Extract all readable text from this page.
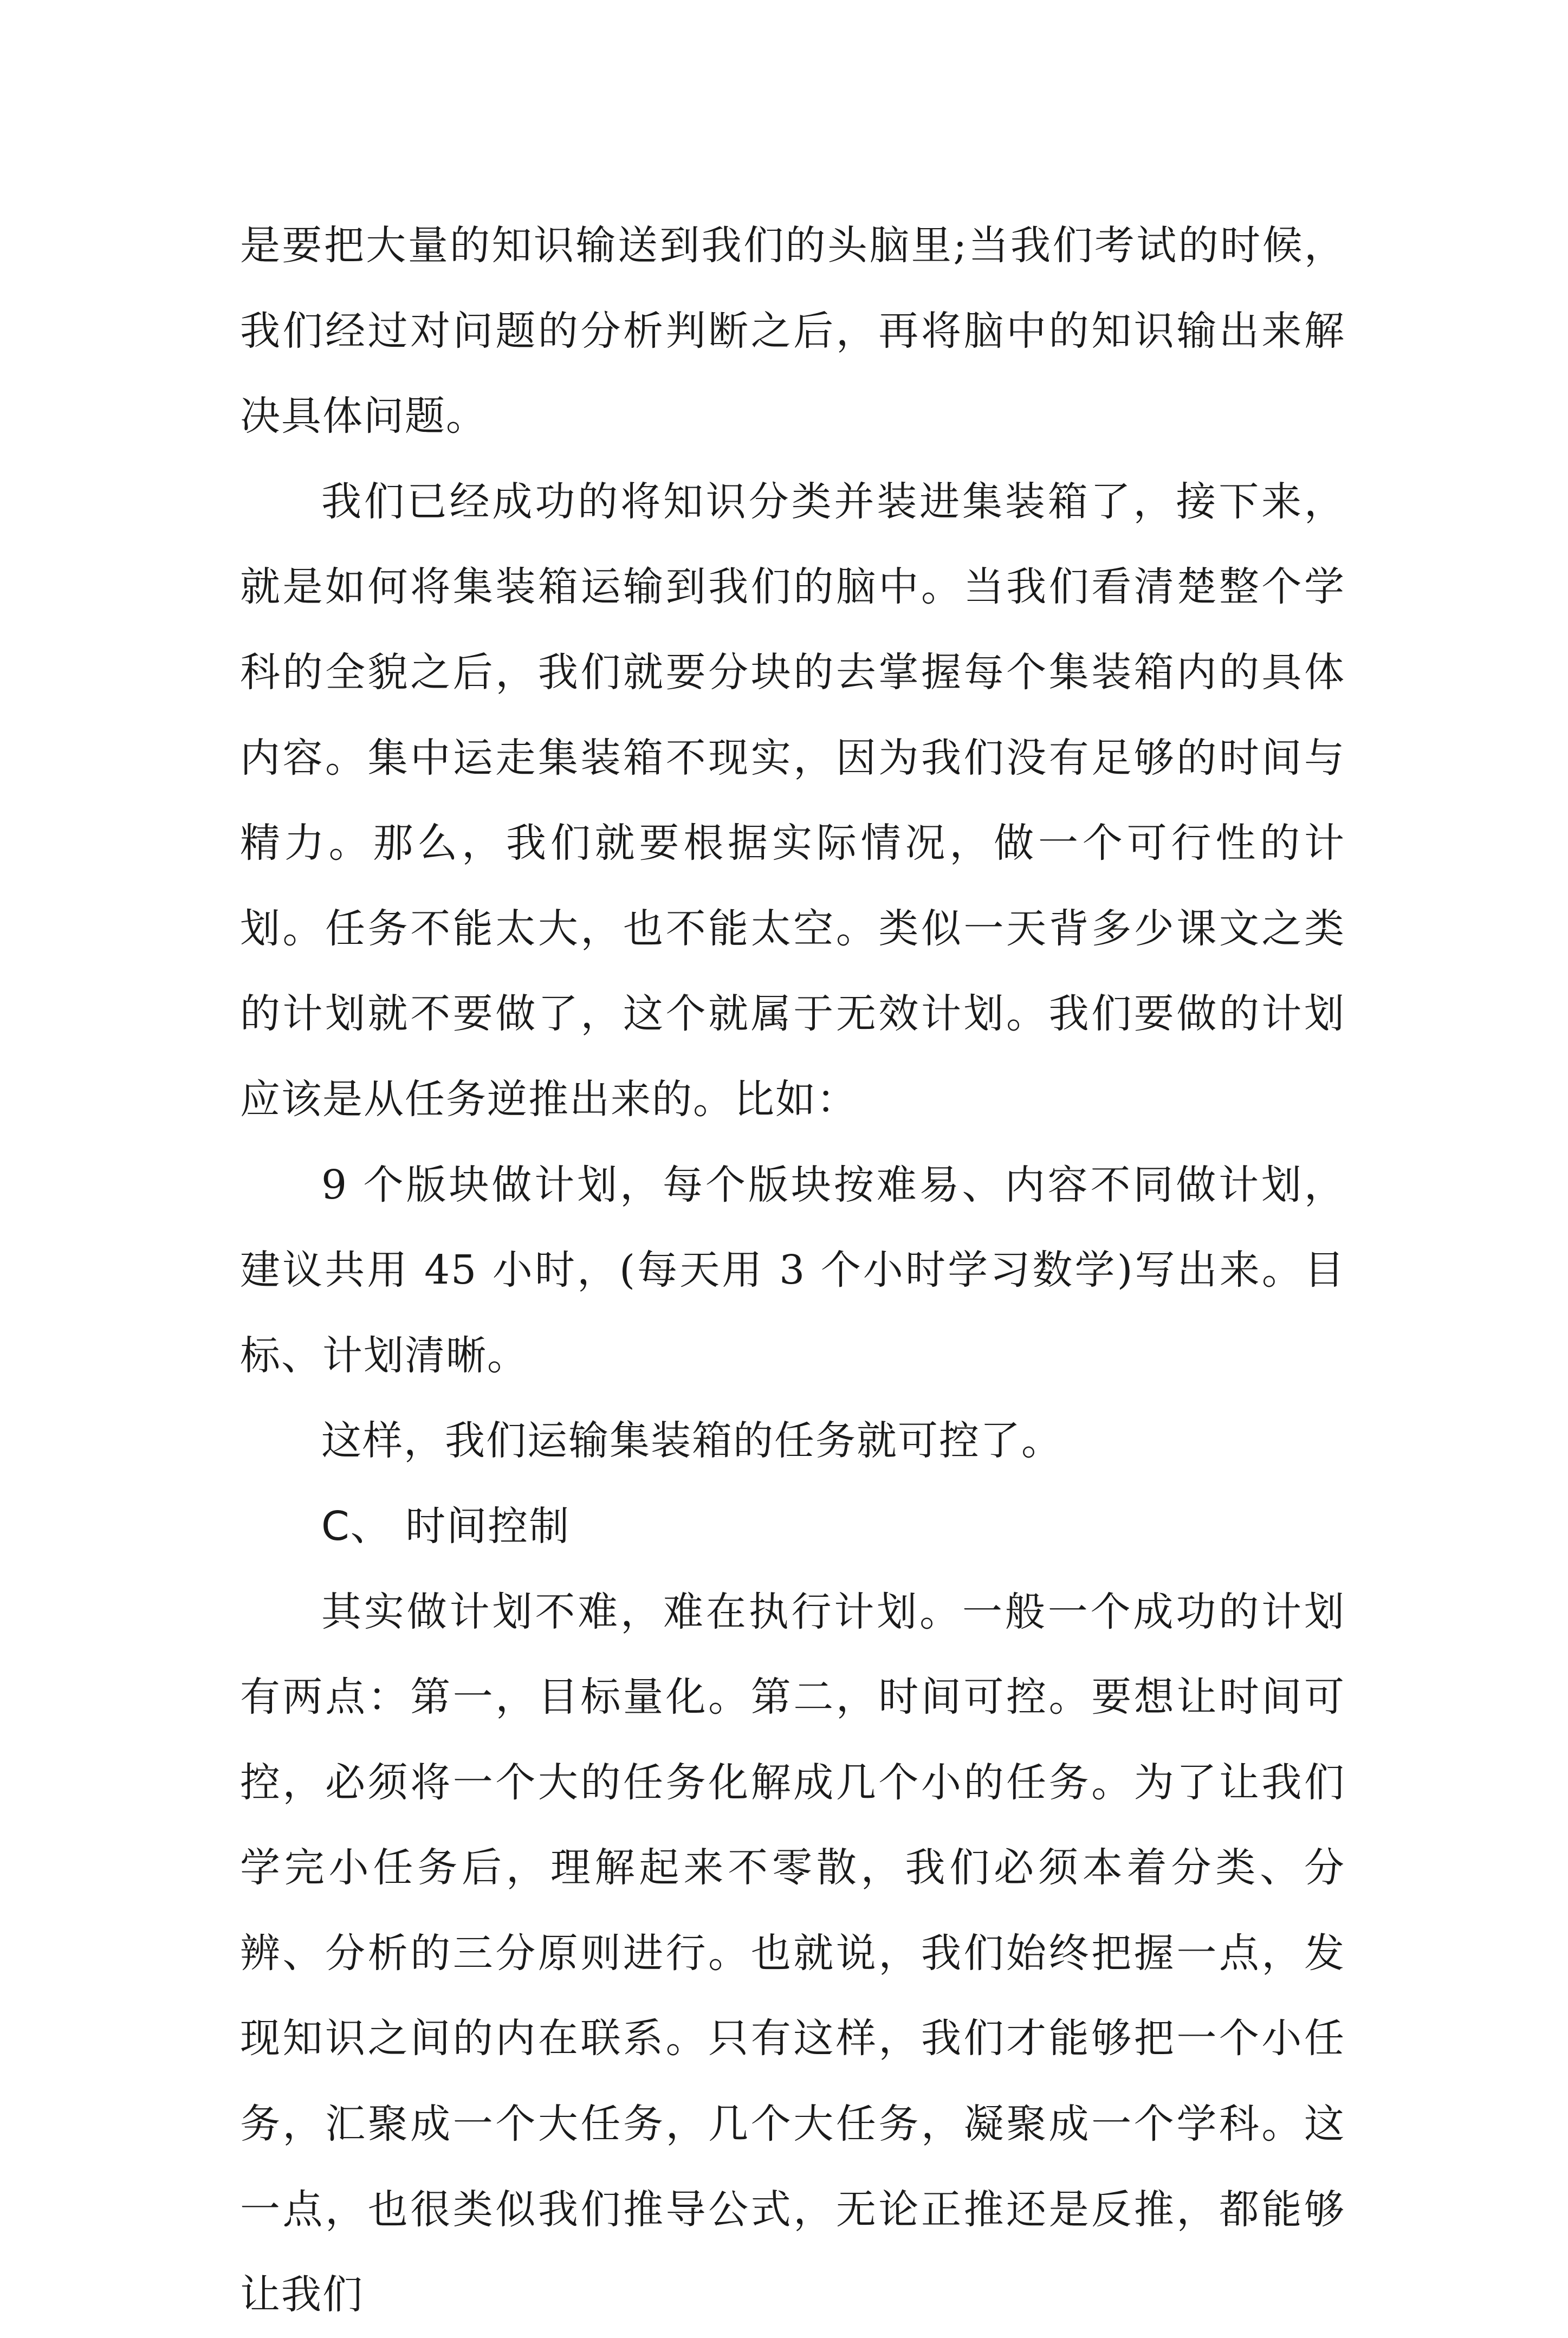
是要把大量的知识输送到我们的头脑里;当我们考试的时候，我们经过对问题的分析判断之后，再将脑中的知识输出来解决具体问题。

我们已经成功的将知识分类并装进集装箱了，接下来，就是如何将集装箱运输到我们的脑中。当我们看清楚整个学科的全貌之后，我们就要分块的去掌握每个集装箱内的具体内容。集中运走集装箱不现实，因为我们没有足够的时间与精力。那么，我们就要根据实际情况，做一个可行性的计划。任务不能太大，也不能太空。类似一天背多少课文之类的计划就不要做了，这个就属于无效计划。我们要做的计划应该是从任务逆推出来的。比如：

9 个版块做计划，每个版块按难易、内容不同做计划，建议共用 45 小时，(每天用 3 个小时学习数学)写出来。目标、计划清晰。

这样，我们运输集装箱的任务就可控了。

C、 时间控制

其实做计划不难，难在执行计划。一般一个成功的计划有两点：第一，目标量化。第二，时间可控。要想让时间可控，必须将一个大的任务化解成几个小的任务。为了让我们学完小任务后，理解起来不零散，我们必须本着分类、分辨、分析的三分原则进行。也就说，我们始终把握一点，发现知识之间的内在联系。只有这样，我们才能够把一个小任务，汇聚成一个大任务，几个大任务，凝聚成一个学科。这一点，也很类似我们推导公式，无论正推还是反推，都能够让我们
